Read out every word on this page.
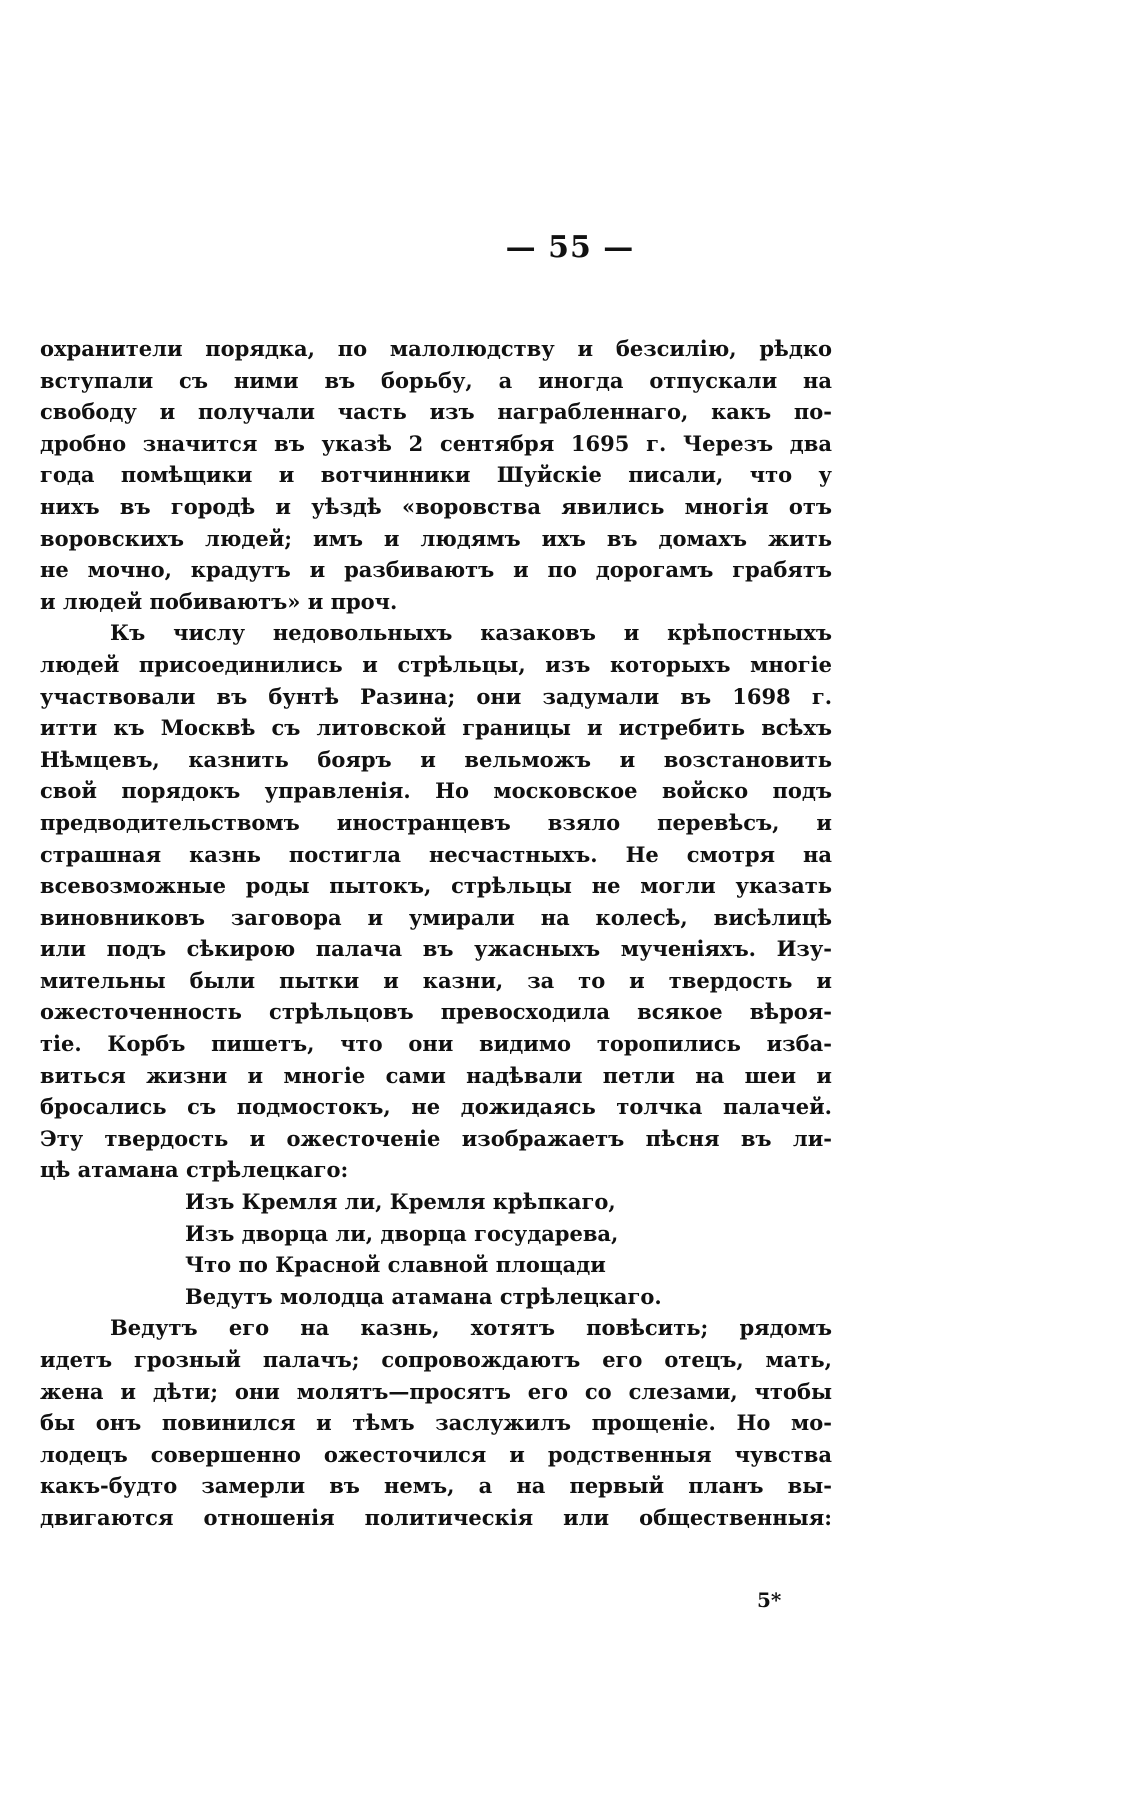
— 55 —
охранители порядка, по малолюдству и безсилію, рѣдко
вступали съ ними въ борьбу, а иногда отпускали на
свободу и получали часть изъ награбленнаго, какъ по-
дробно значится въ указѣ 2 сентября 1695 г. Черезъ два
года помѣщики и вотчинники Шуйскіе писали, что у
нихъ въ городѣ и уѣздѣ «воровства явились многія отъ
воровскихъ людей; имъ и людямъ ихъ въ домахъ жить
не мочно, крадутъ и разбиваютъ и по дорогамъ грабятъ
и людей побиваютъ» и проч.
Къ числу недовольныхъ казаковъ и крѣпостныхъ
людей присоединились и стрѣльцы, изъ которыхъ многіе
участвовали въ бунтѣ Разина; они задумали въ 1698 г.
итти къ Москвѣ съ литовской границы и истребить всѣхъ
Нѣмцевъ, казнить бояръ и вельможъ и возстановить
свой порядокъ управленія. Но московское войско подъ
предводительствомъ иностранцевъ взяло перевѣсъ, и
страшная казнь постигла несчастныхъ. Не смотря на
всевозможные роды пытокъ, стрѣльцы не могли указать
виновниковъ заговора и умирали на колесѣ, висѣлицѣ
или подъ сѣкирою палача въ ужасныхъ мученіяхъ. Изу-
мительны были пытки и казни, за то и твердость и
ожесточенность стрѣльцовъ превосходила всякое вѣроя-
тіе. Корбъ пишетъ, что они видимо торопились изба-
виться жизни и многіе сами надѣвали петли на шеи и
бросались съ подмостокъ, не дожидаясь толчка палачей.
Эту твердость и ожесточеніе изображаетъ пѣсня въ ли-
цѣ атамана стрѣлецкаго:
Изъ Кремля ли, Кремля крѣпкаго,
Изъ дворца ли, дворца государева,
Что по Красной славной площади
Ведутъ молодца атамана стрѣлецкаго.
Ведутъ его на казнь, хотятъ повѣсить; рядомъ
идетъ грозный палачъ; сопровождаютъ его отецъ, мать,
жена и дѣти; они молятъ—просятъ его со слезами, чтобы
бы онъ повинился и тѣмъ заслужилъ прощеніе. Но мо-
лодецъ совершенно ожесточился и родственныя чувства
какъ-будто замерли въ немъ, а на первый планъ вы-
двигаются отношенія политическія или общественныя:
5*
